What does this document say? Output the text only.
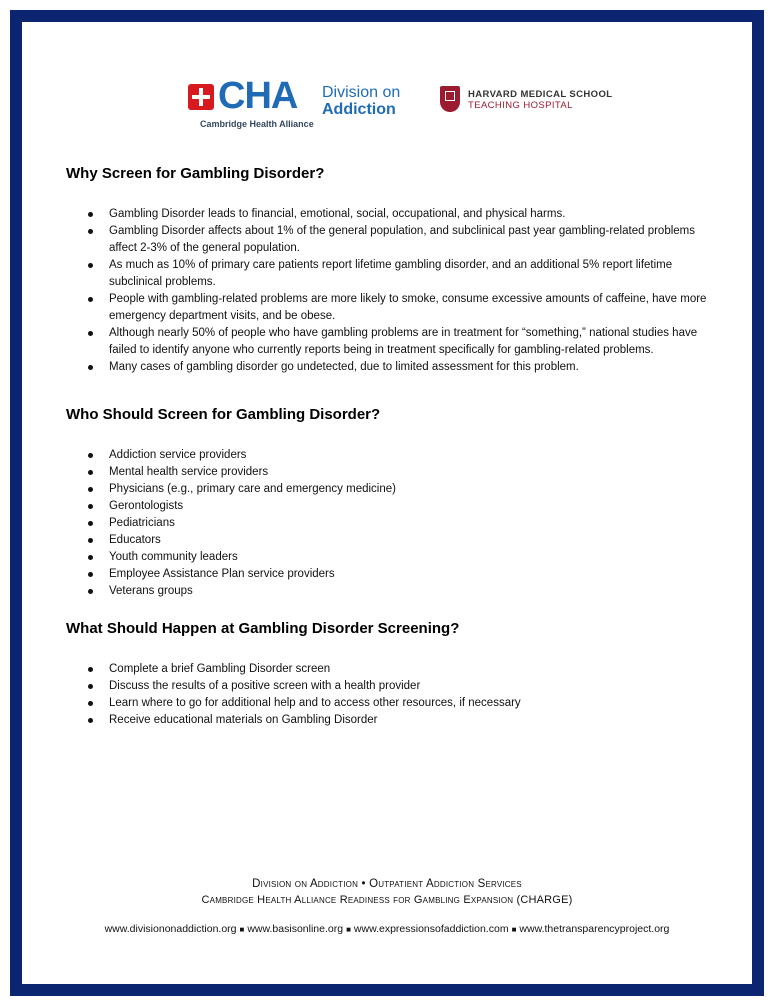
CHA Division on
Addiction
Cambridge Health Alliance
HARVARD MEDICAL SCHOOL
TEACHING HOSPITAL
Why Screen for Gambling Disorder?
Gambling Disorder leads to financial, emotional, social, occupational, and physical harms.
Gambling Disorder affects about 1% of the general population, and subclinical past year gambling-related problems affect 2-3% of the general population.
As much as 10% of primary care patients report lifetime gambling disorder, and an additional 5% report lifetime subclinical problems.
People with gambling-related problems are more likely to smoke, consume excessive amounts of caffeine, have more emergency department visits, and be obese.
Although nearly 50% of people who have gambling problems are in treatment for “something,” national studies have failed to identify anyone who currently reports being in treatment specifically for gambling-related problems.
Many cases of gambling disorder go undetected, due to limited assessment for this problem.
Who Should Screen for Gambling Disorder?
Addiction service providers
Mental health service providers
Physicians (e.g., primary care and emergency medicine)
Gerontologists
Pediatricians
Educators
Youth community leaders
Employee Assistance Plan service providers
Veterans groups
What Should Happen at Gambling Disorder Screening?
Complete a brief Gambling Disorder screen
Discuss the results of a positive screen with a health provider
Learn where to go for additional help and to access other resources, if necessary
Receive educational materials on Gambling Disorder
Division on Addiction • Outpatient Addiction Services
Cambridge Health Alliance Readiness for Gambling Expansion (CHARGE)
www.divisiononaddiction.org ■ www.basisonline.org ■ www.expressionsofaddiction.com ■ www.thetransparencyproject.org
